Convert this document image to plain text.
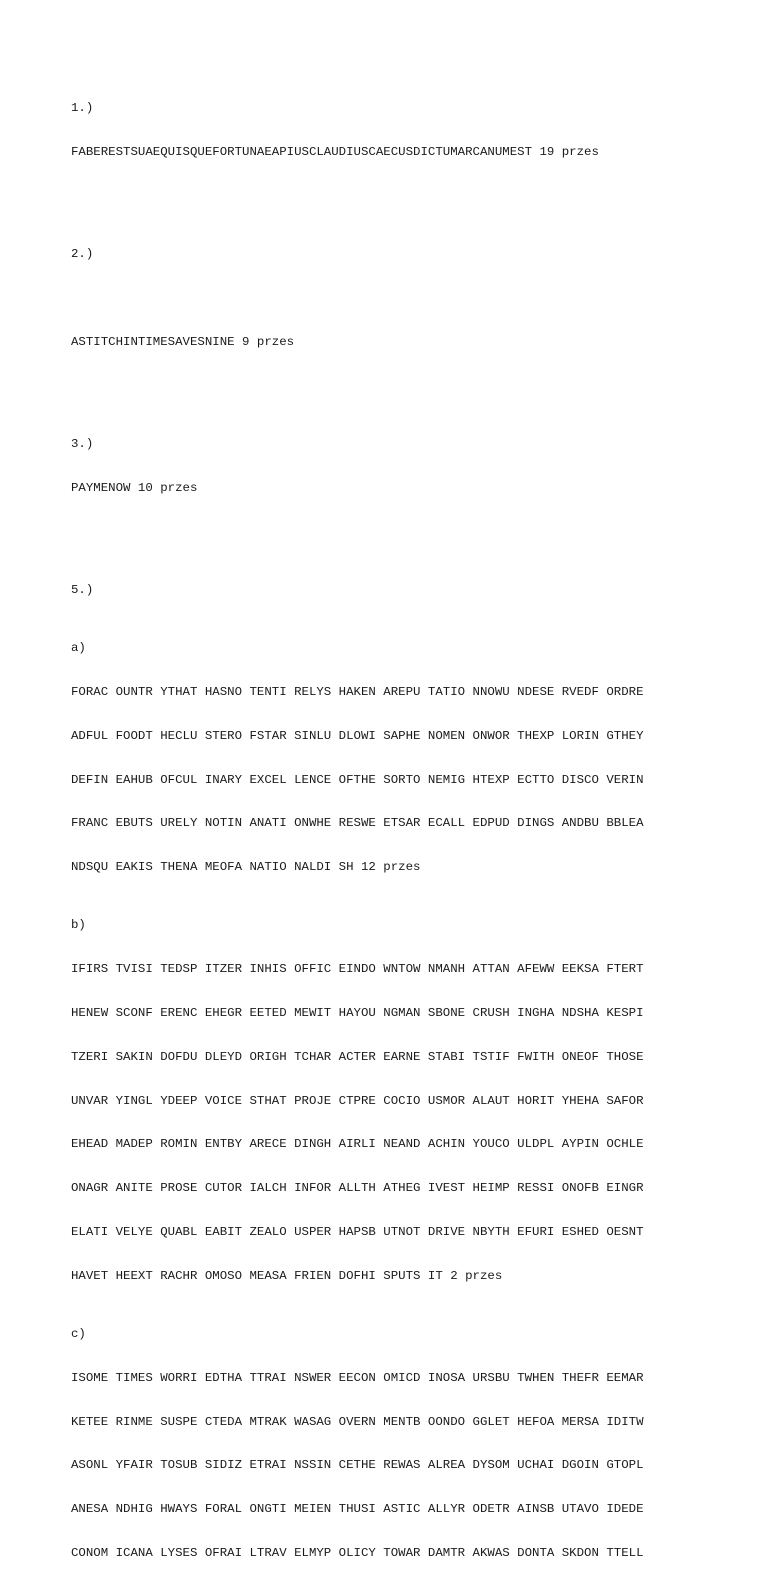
1.)

FABERESTSUAEQUISQUEFORTUNAEAPIUSCLAUDIUSCAECUSDICTUMARCANUMEST 19 przes

2.)

ASTITCHINTIMESAVESNINE 9 przes

3.)

PAYMENOW 10 przes

5.)

a)

FORAC OUNTR YTHAT HASNO TENTI RELYS HAKEN AREPU TATIO NNOWU NDESE RVEDF ORDRE

ADFUL FOODT HECLU STERO FSTAR SINLU DLOWI SAPHE NOMEN ONWOR THEXP LORIN GTHEY

DEFIN EAHUB OFCUL INARY EXCEL LENCE OFTHE SORTO NEMIG HTEXP ECTTO DISCO VERIN

FRANC EBUTS URELY NOTIN ANATI ONWHE RESWE ETSAR ECALL EDPUD DINGS ANDBU BBLEA

NDSQU EAKIS THENA MEOFA NATIO NALDI SH 12 przes

b)

IFIRS TVISI TEDSP ITZER INHIS OFFIC EINDO WNTOW NMANH ATTAN AFEWW EEKSA FTERT

HENEW SCONF ERENC EHEGR EETED MEWIT HAYOU NGMAN SBONE CRUSH INGHA NDSHA KESPI

TZERI SAKIN DOFDU DLEYD ORIGH TCHAR ACTER EARNE STABI TSTIF FWITH ONEOF THOSE

UNVAR YINGL YDEEP VOICE STHAT PROJE CTPRE COCIO USMOR ALAUT HORIT YHEHA SAFOR

EHEAD MADEP ROMIN ENTBY ARECE DINGH AIRLI NEAND ACHIN YOUCO ULDPL AYPIN OCHLE

ONAGR ANITE PROSE CUTOR IALCH INFOR ALLTH ATHEG IVEST HEIMP RESSI ONOFB EINGR

ELATI VELYE QUABL EABIT ZEALO USPER HAPSB UTNOT DRIVE NBYTH EFURI ESHED OESNT

HAVET HEEXT RACHR OMOSO MEASA FRIEN DOFHI SPUTS IT 2 przes

c)

ISOME TIMES WORRI EDTHA TTRAI NSWER EECON OMICD INOSA URSBU TWHEN THEFR EEMAR

KETEE RINME SUSPE CTEDA MTRAK WASAG OVERN MENTB OONDO GGLET HEFOA MERSA IDITW

ASONL YFAIR TOSUB SIDIZ ETRAI NSSIN CETHE REWAS ALREA DYSOM UCHAI DGOIN GTOPL

ANESA NDHIG HWAYS FORAL ONGTI MEIEN THUSI ASTIC ALLYR ODETR AINSB UTAVO IDEDE

CONOM ICANA LYSES OFRAI LTRAV ELMYP OLICY TOWAR DAMTR AKWAS DONTA SKDON TTELL
